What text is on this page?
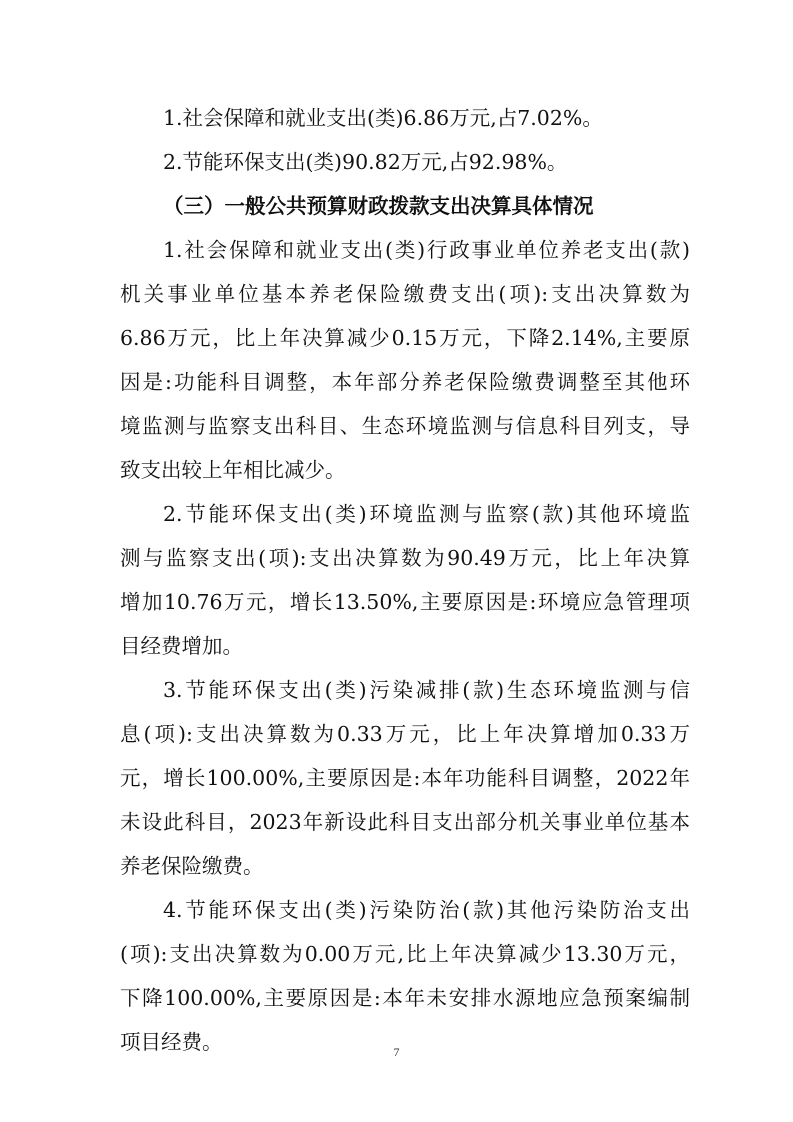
1.社会保障和就业支出(类)6.86万元,占7.02%。
2.节能环保支出(类)90.82万元,占92.98%。
（三）一般公共预算财政拨款支出决算具体情况
1.社会保障和就业支出(类)行政事业单位养老支出(款)
机关事业单位基本养老保险缴费支出(项):支出决算数为
6.86万元，比上年决算减少0.15万元，下降2.14%,主要原
因是:功能科目调整，本年部分养老保险缴费调整至其他环
境监测与监察支出科目、生态环境监测与信息科目列支，导
致支出较上年相比减少。
2.节能环保支出(类)环境监测与监察(款)其他环境监
测与监察支出(项):支出决算数为90.49万元，比上年决算
增加10.76万元，增长13.50%,主要原因是:环境应急管理项
目经费增加。
3.节能环保支出(类)污染减排(款)生态环境监测与信
息(项):支出决算数为0.33万元，比上年决算增加0.33万
元，增长100.00%,主要原因是:本年功能科目调整，2022年
未设此科目，2023年新设此科目支出部分机关事业单位基本
养老保险缴费。
4.节能环保支出(类)污染防治(款)其他污染防治支出
(项):支出决算数为0.00万元,比上年决算减少13.30万元，
下降100.00%,主要原因是:本年未安排水源地应急预案编制
项目经费。	7
